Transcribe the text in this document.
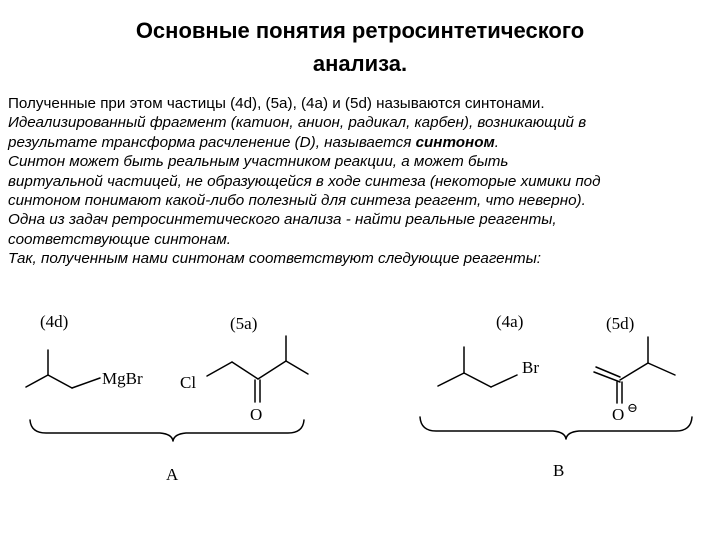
Основные понятия ретросинтетического
анализа.
Полученные при этом частицы (4d), (5a), (4a) и (5d) называются синтонами.
Идеализированный фрагмент (катион, анион, радикал, карбен), возникающий в
результате трансформа расчленение (D), называется синтоном.
Синтон может быть реальным участником реакции, а может быть
виртуальной частицей, не образующейся в ходе синтеза (некоторые химики под
синтоном понимают какой-либо полезный для синтеза реагент, что неверно).
Одна из задач ретросинтетического анализа - найти реальные реагенты,
соответствующие синтонам.
Так, полученным нами синтонам соответствуют следующие реагенты:
(4d)	(5a)	(4a)	(5d)
MgBr Cl
O
Br
O ⊖
A	B
